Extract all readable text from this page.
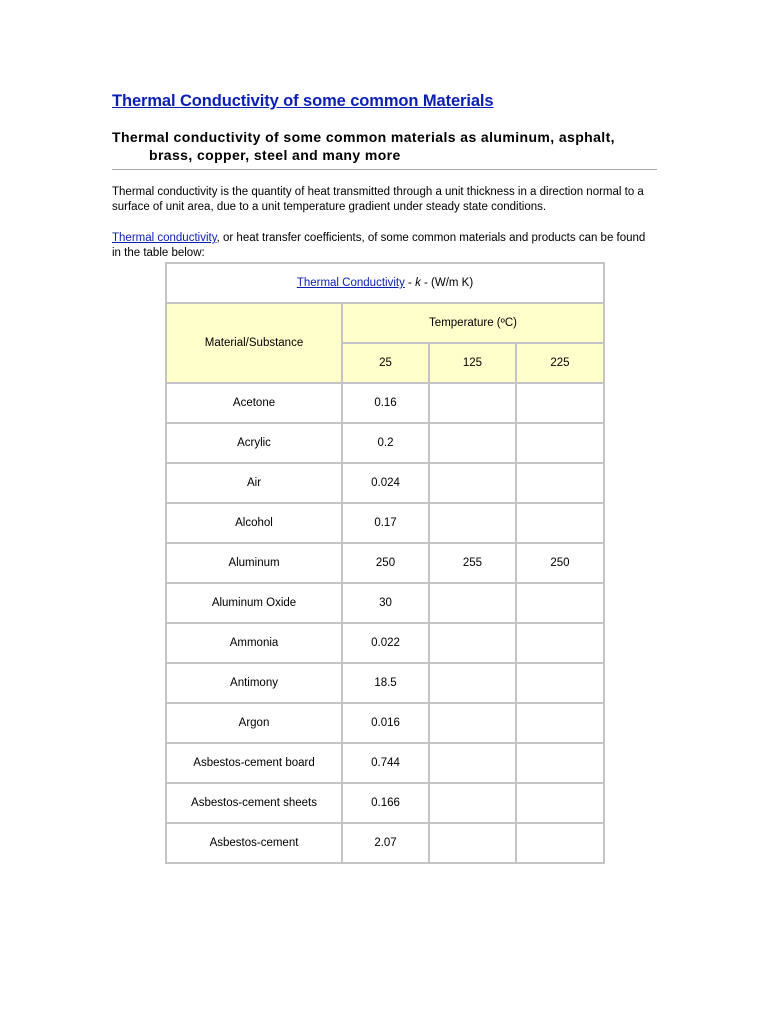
Thermal Conductivity of some common Materials

Thermal conductivity of some common materials as aluminum, asphalt, brass, copper, steel and many more

Thermal conductivity is the quantity of heat transmitted through a unit thickness in a direction normal to a surface of unit area, due to a unit temperature gradient under steady state conditions.

Thermal conductivity, or heat transfer coefficients, of some common materials and products can be found in the table below:

Thermal Conductivity - k - (W/m K)			
Material/Substance	Temperature (ºC)		
	25	125	225
Acetone	0.16		
Acrylic	0.2		
Air	0.024		
Alcohol	0.17		
Aluminum	250	255	250
Aluminum Oxide	30		
Ammonia	0.022		
Antimony	18.5		
Argon	0.016		
Asbestos-cement board	0.744		
Asbestos-cement sheets	0.166		
Asbestos-cement	2.07		
